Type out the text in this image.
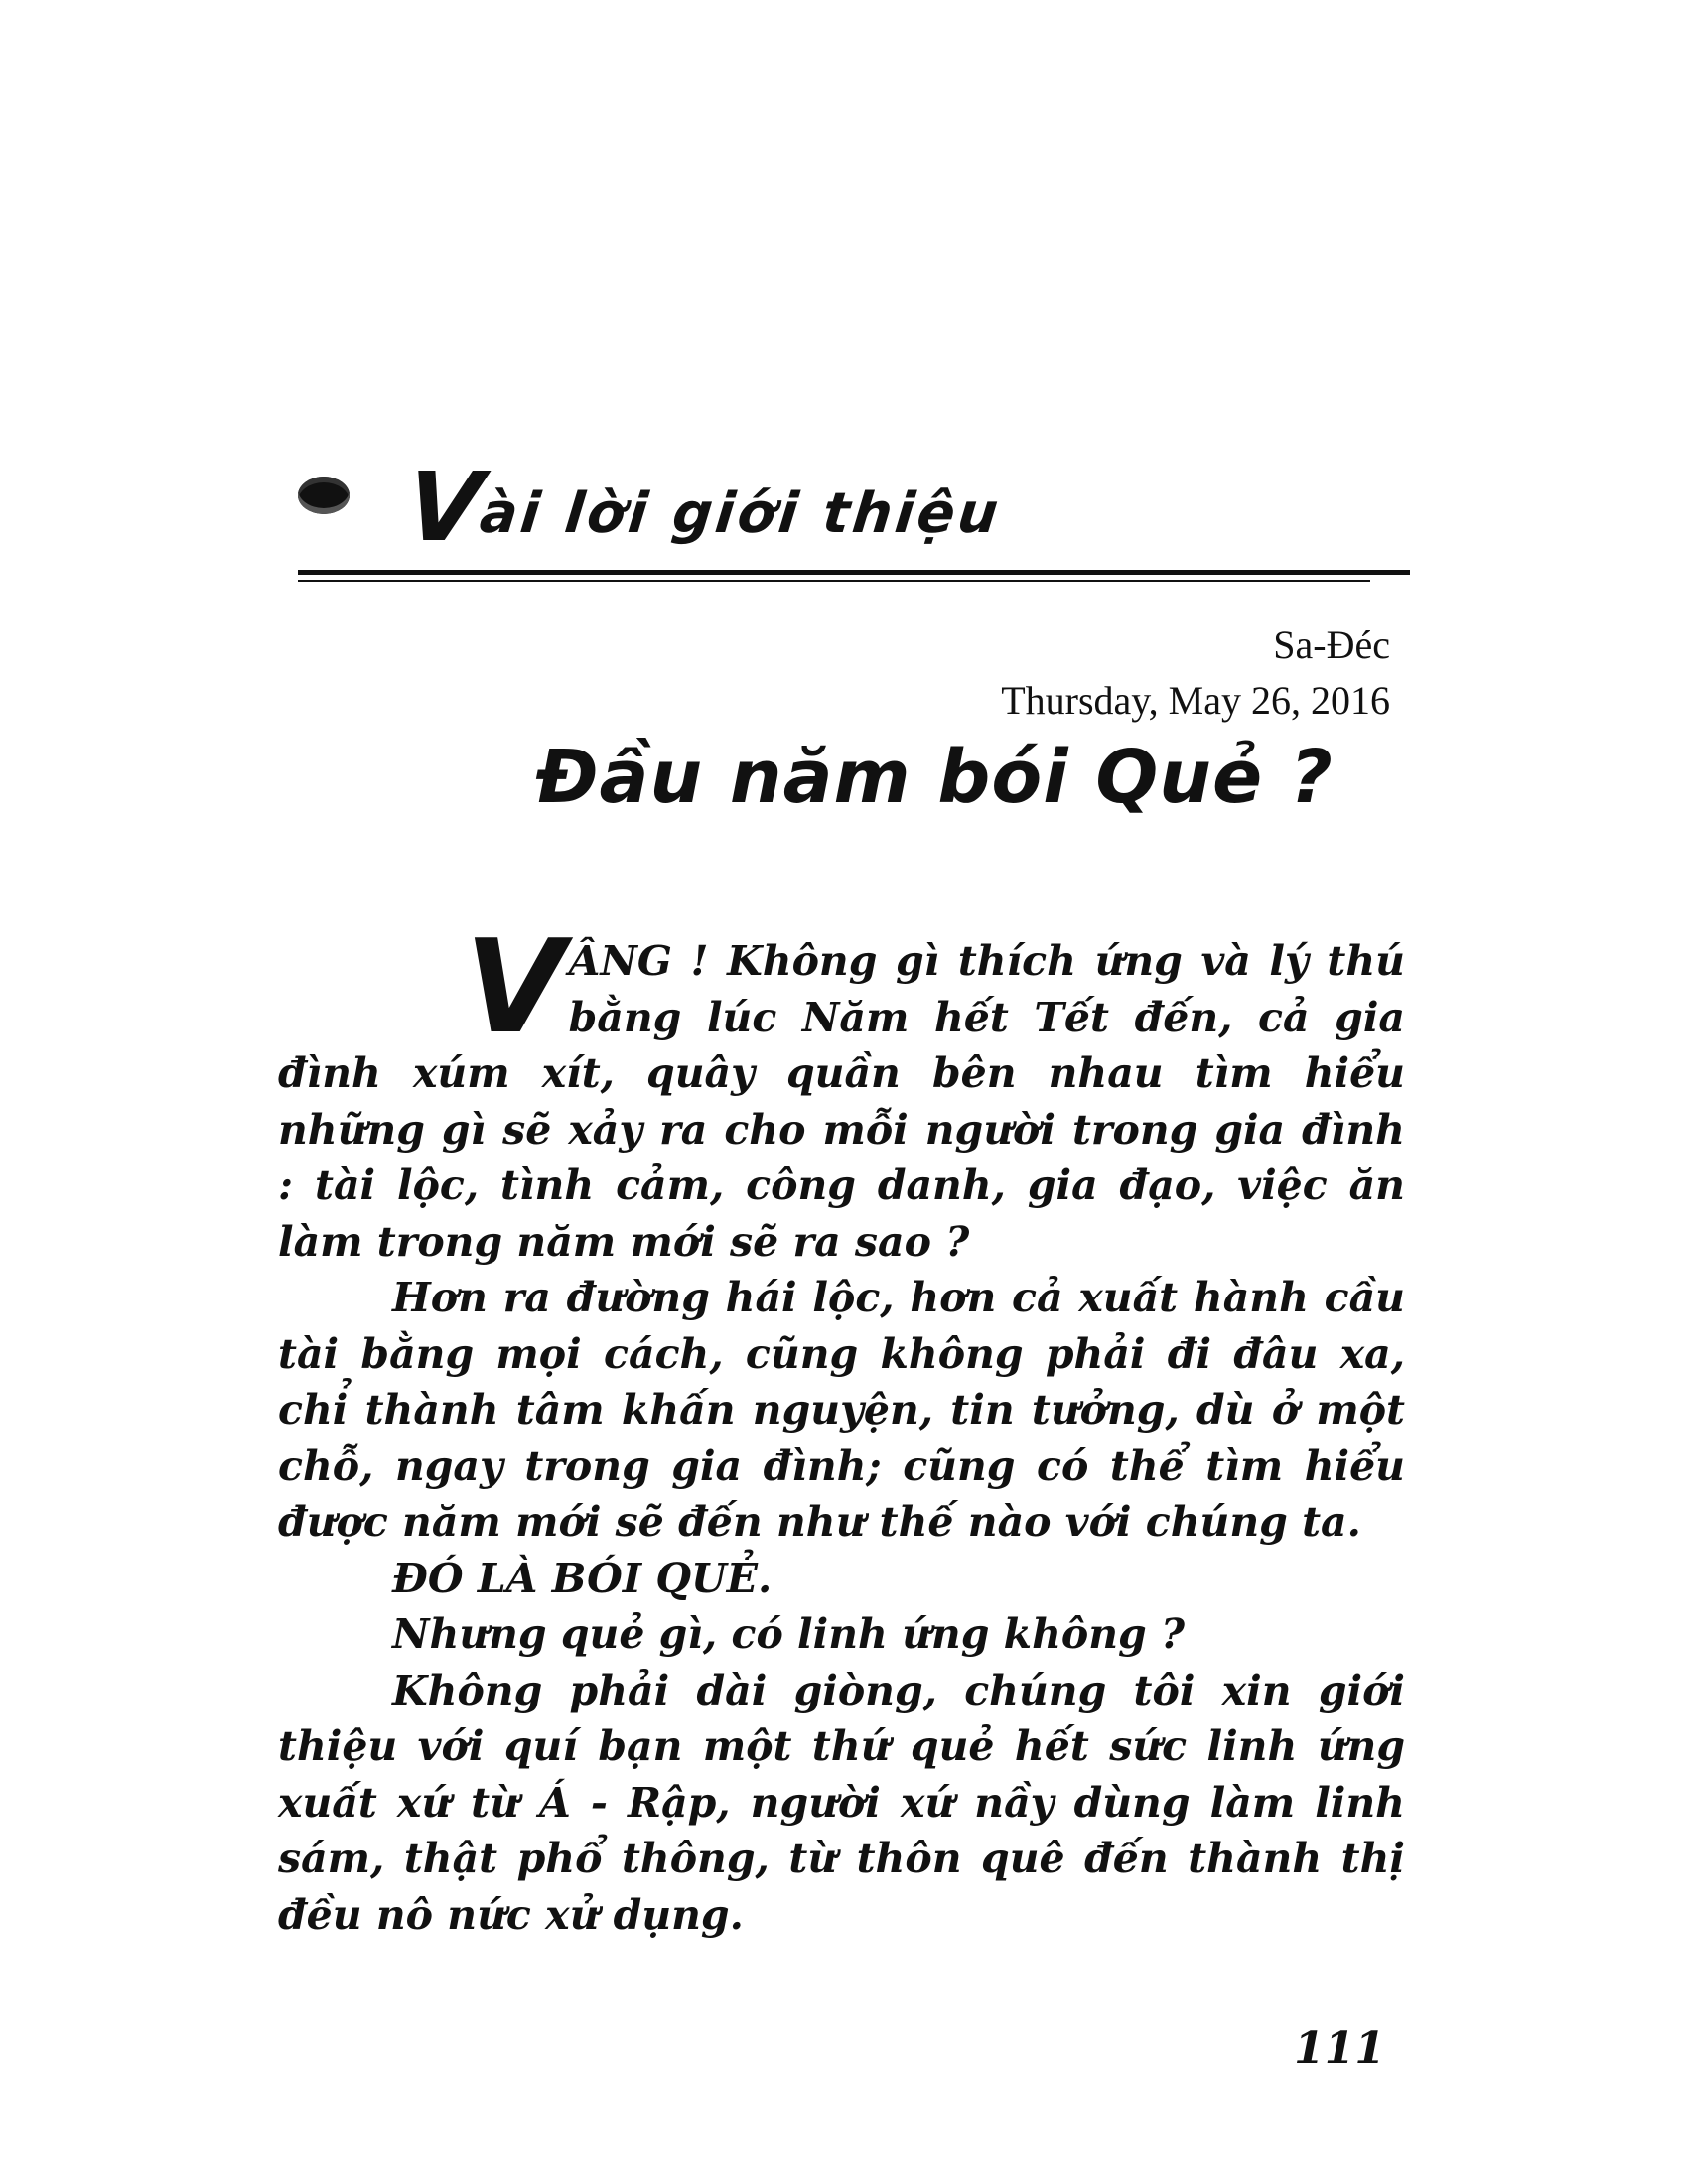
Vài lời giới thiệu
Sa-Đéc
Thursday, May 26, 2016
Đầu năm bói Quẻ ?

VÂNG ! Không gì thích ứng và lý thú bằng lúc Năm hết Tết đến, cả gia đình xúm xít, quây quần bên nhau tìm hiểu những gì sẽ xảy ra cho mỗi người trong gia đình : tài lộc, tình cảm, công danh, gia đạo, việc ăn làm trong năm mới sẽ ra sao ?

Hơn ra đường hái lộc, hơn cả xuất hành cầu tài bằng mọi cách, cũng không phải đi đâu xa, chỉ thành tâm khấn nguyện, tin tưởng, dù ở một chỗ, ngay trong gia đình; cũng có thể tìm hiểu được năm mới sẽ đến như thế nào với chúng ta.

ĐÓ LÀ BÓI QUẺ.

Nhưng quẻ gì, có linh ứng không ?

Không phải dài giòng, chúng tôi xin giới thiệu với quí bạn một thứ quẻ hết sức linh ứng xuất xứ từ Á - Rập, người xứ nầy dùng làm linh sám, thật phổ thông, từ thôn quê đến thành thị đều nô nức xử dụng.

111
